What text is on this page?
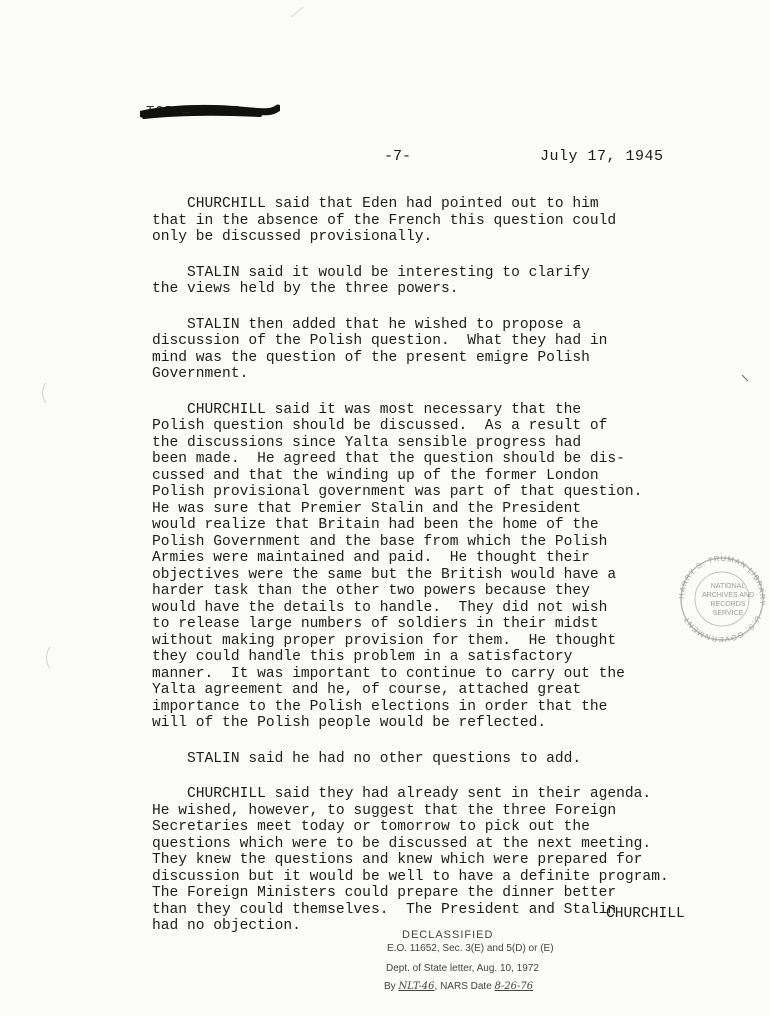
TOP SECRET
-7-	July 17, 1945

CHURCHILL said that Eden had pointed out to him
that in the absence of the French this question could
only be discussed provisionally.

STALIN said it would be interesting to clarify
the views held by the three powers.

STALIN then added that he wished to propose a
discussion of the Polish question.  What they had in
mind was the question of the present emigre Polish
Government.

CHURCHILL said it was most necessary that the
Polish question should be discussed.  As a result of
the discussions since Yalta sensible progress had
been made.  He agreed that the question should be dis-
cussed and that the winding up of the former London
Polish provisional government was part of that question.
He was sure that Premier Stalin and the President
would realize that Britain had been the home of the
Polish Government and the base from which the Polish
Armies were maintained and paid.  He thought their
objectives were the same but the British would have a
harder task than the other two powers because they
would have the details to handle.  They did not wish
to release large numbers of soldiers in their midst
without making proper provision for them.  He thought
they could handle this problem in a satisfactory
manner.  It was important to continue to carry out the
Yalta agreement and he, of course, attached great
importance to the Polish elections in order that the
will of the Polish people would be reflected.

STALIN said he had no other questions to add.

CHURCHILL said they had already sent in their agenda.
He wished, however, to suggest that the three Foreign
Secretaries meet today or tomorrow to pick out the
questions which were to be discussed at the next meeting.
They knew the questions and knew which were prepared for
discussion but it would be well to have a definite program.
The Foreign Ministers could prepare the dinner better
than they could themselves.  The President and Stalin
had no objection.

CHURCHILL
DECLASSIFIED
E.O. 11652, Sec. 3(E) and 5(D) or (E)
Dept. of State letter, Aug. 10, 1972
By NLT-46, NARS Date 8-26-76
HARRY S. TRUMAN LIBRARY · U.S. GOVERNMENT
NATIONAL
ARCHIVES AND
RECORDS
SERVICE
